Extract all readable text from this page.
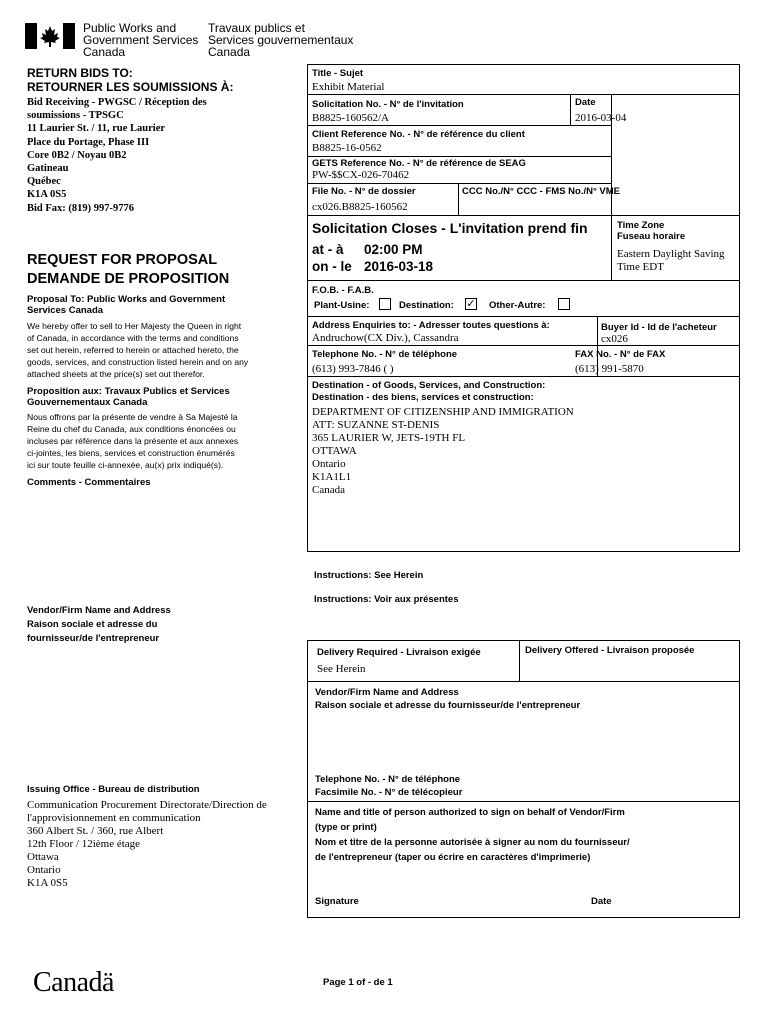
Public Works and
Government Services
Canada
Travaux publics et
Services gouvernementaux
Canada
RETURN BIDS TO:
RETOURNER LES SOUMISSIONS À:
Bid Receiving - PWGSC / Réception des
soumissions - TPSGC
11 Laurier St. / 11, rue Laurier
Place du Portage, Phase III
Core 0B2 / Noyau 0B2
Gatineau
Québec
K1A 0S5
Bid Fax: (819) 997-9776
REQUEST FOR PROPOSAL
DEMANDE DE PROPOSITION
Proposal To: Public Works and Government
Services Canada
We hereby offer to sell to Her Majesty the Queen in right
of Canada, in accordance with the terms and conditions
set out herein, referred to herein or attached hereto, the
goods, services, and construction listed herein and on any
attached sheets at the price(s) set out therefor.
Proposition aux: Travaux Publics et Services
Gouvernementaux Canada
Nous offrons par la présente de vendre à Sa Majesté la
Reine du chef du Canada, aux conditions énoncées ou
incluses par référence dans la présente et aux annexes
ci-jointes, les biens, services et construction énumérés
ici sur toute feuille ci-annexée, au(x) prix indiqué(s).
Comments - Commentaires
Vendor/Firm Name and Address
Raison sociale et adresse du
fournisseur/de l'entrepreneur
Issuing Office - Bureau de distribution
Communication Procurement Directorate/Direction de
l'approvisionnement en communication
360 Albert St. / 360, rue Albert
12th Floor / 12ième étage
Ottawa
Ontario
K1A 0S5
Title - Sujet
Exhibit Material
Solicitation No. - N° de l'invitation
B8825-160562/A
Date
2016-03-04
Client Reference No. - N° de référence du client
B8825-16-0562
GETS Reference No. - N° de référence de SEAG
PW-$$CX-026-70462
File No. - N° de dossier
cx026.B8825-160562
CCC No./N° CCC - FMS No./N° VME
Solicitation Closes - L'invitation prend fin
at - à 02:00 PM
on - le 2016-03-18
Time Zone
Fuseau horaire
Eastern Daylight Saving
Time EDT
F.O.B. - F.A.B.
Plant-Usine:	Destination: ✓ Other-Autre:
Address Enquiries to: - Adresser toutes questions à:
Andruchow(CX Div.), Cassandra
Buyer Id - Id de l'acheteur
cx026
Telephone No. - N° de téléphone
(613) 993-7846 ( )
FAX No. - N° de FAX
(613) 991-5870
Destination - of Goods, Services, and Construction:
Destination - des biens, services et construction:
DEPARTMENT OF CITIZENSHIP AND IMMIGRATION
ATT: SUZANNE ST-DENIS
365 LAURIER W, JETS-19TH FL
OTTAWA
Ontario
K1A1L1
Canada
Instructions: See Herein
Instructions: Voir aux présentes
Delivery Required - Livraison exigée
See Herein
Delivery Offered - Livraison proposée
Vendor/Firm Name and Address
Raison sociale et adresse du fournisseur/de l'entrepreneur
Telephone No. - N° de téléphone
Facsimile No. - N° de télécopieur
Name and title of person authorized to sign on behalf of Vendor/Firm
(type or print)
Nom et titre de la personne autorisée à signer au nom du fournisseur/
de l'entrepreneur (taper ou écrire en caractères d'imprimerie)
Signature	Date
Canadä	Page 1 of - de 1
